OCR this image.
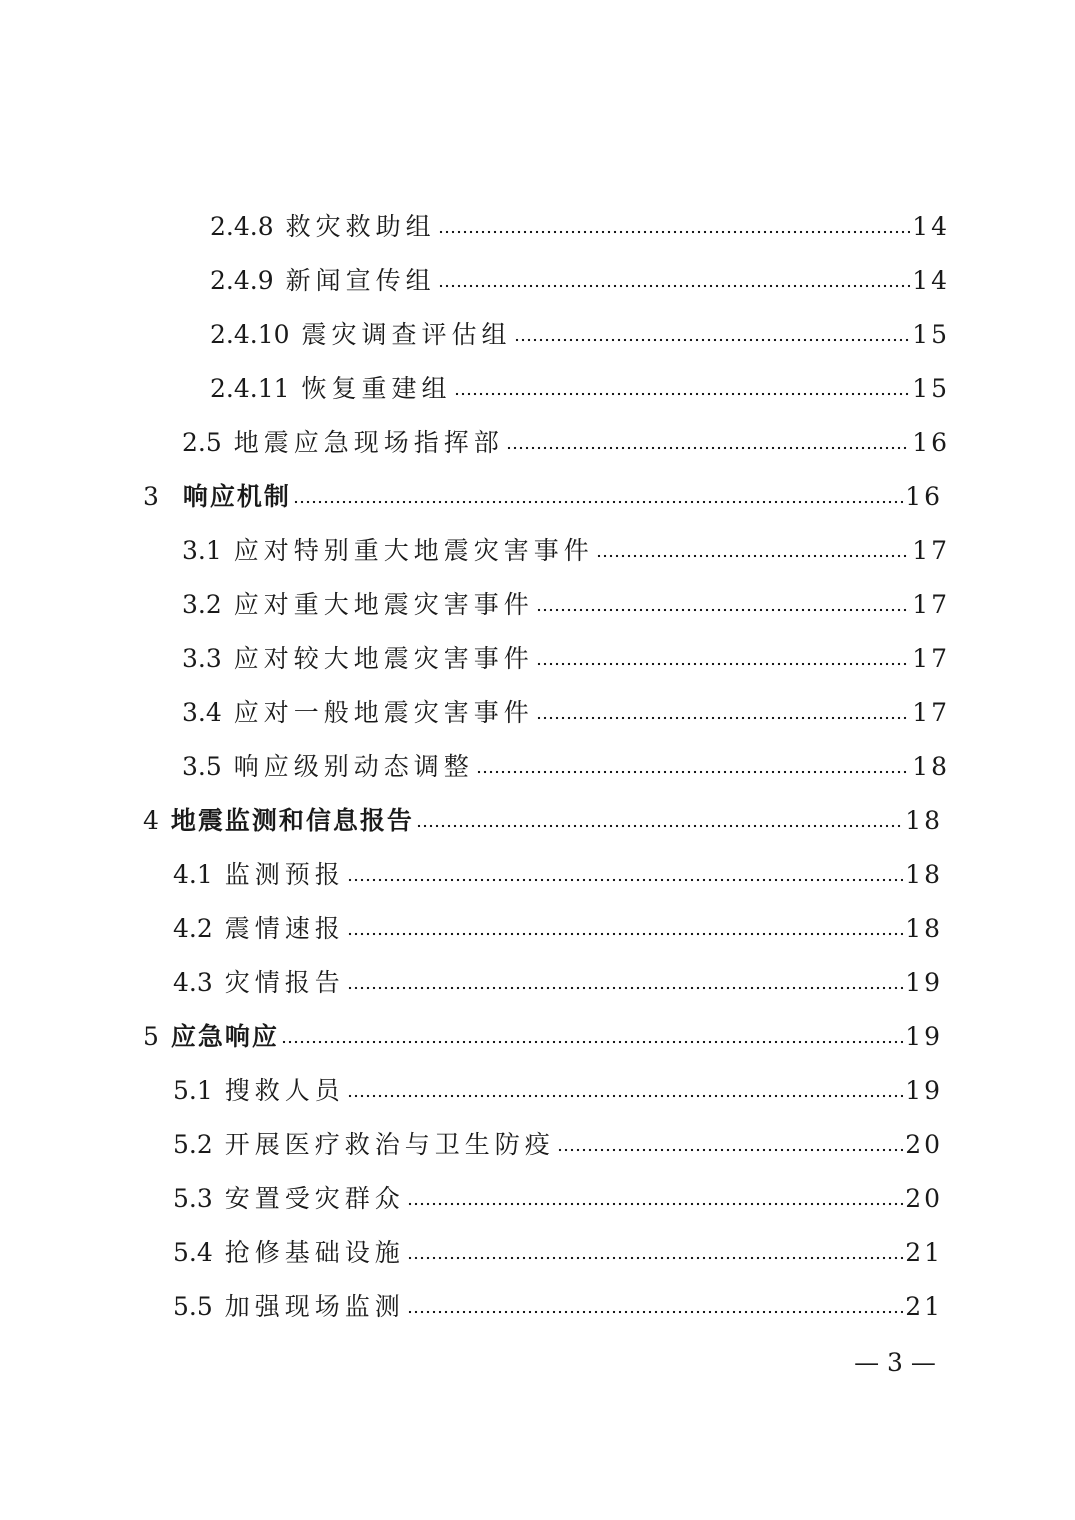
2.4.8 救灾救助组	14
2.4.9 新闻宣传组	14
2.4.10 震灾调查评估组	15
2.4.11 恢复重建组	15
2.5 地震应急现场指挥部	16
3 响应机制	16
3.1 应对特别重大地震灾害事件	17
3.2 应对重大地震灾害事件	17
3.3 应对较大地震灾害事件	17
3.4 应对一般地震灾害事件	17
3.5 响应级别动态调整	18
4 地震监测和信息报告	18
4.1 监测预报	18
4.2 震情速报	18
4.3 灾情报告	19
5 应急响应	19
5.1 搜救人员	19
5.2 开展医疗救治与卫生防疫	20
5.3 安置受灾群众	20
5.4 抢修基础设施	21
5.5 加强现场监测	21
— 3 —
